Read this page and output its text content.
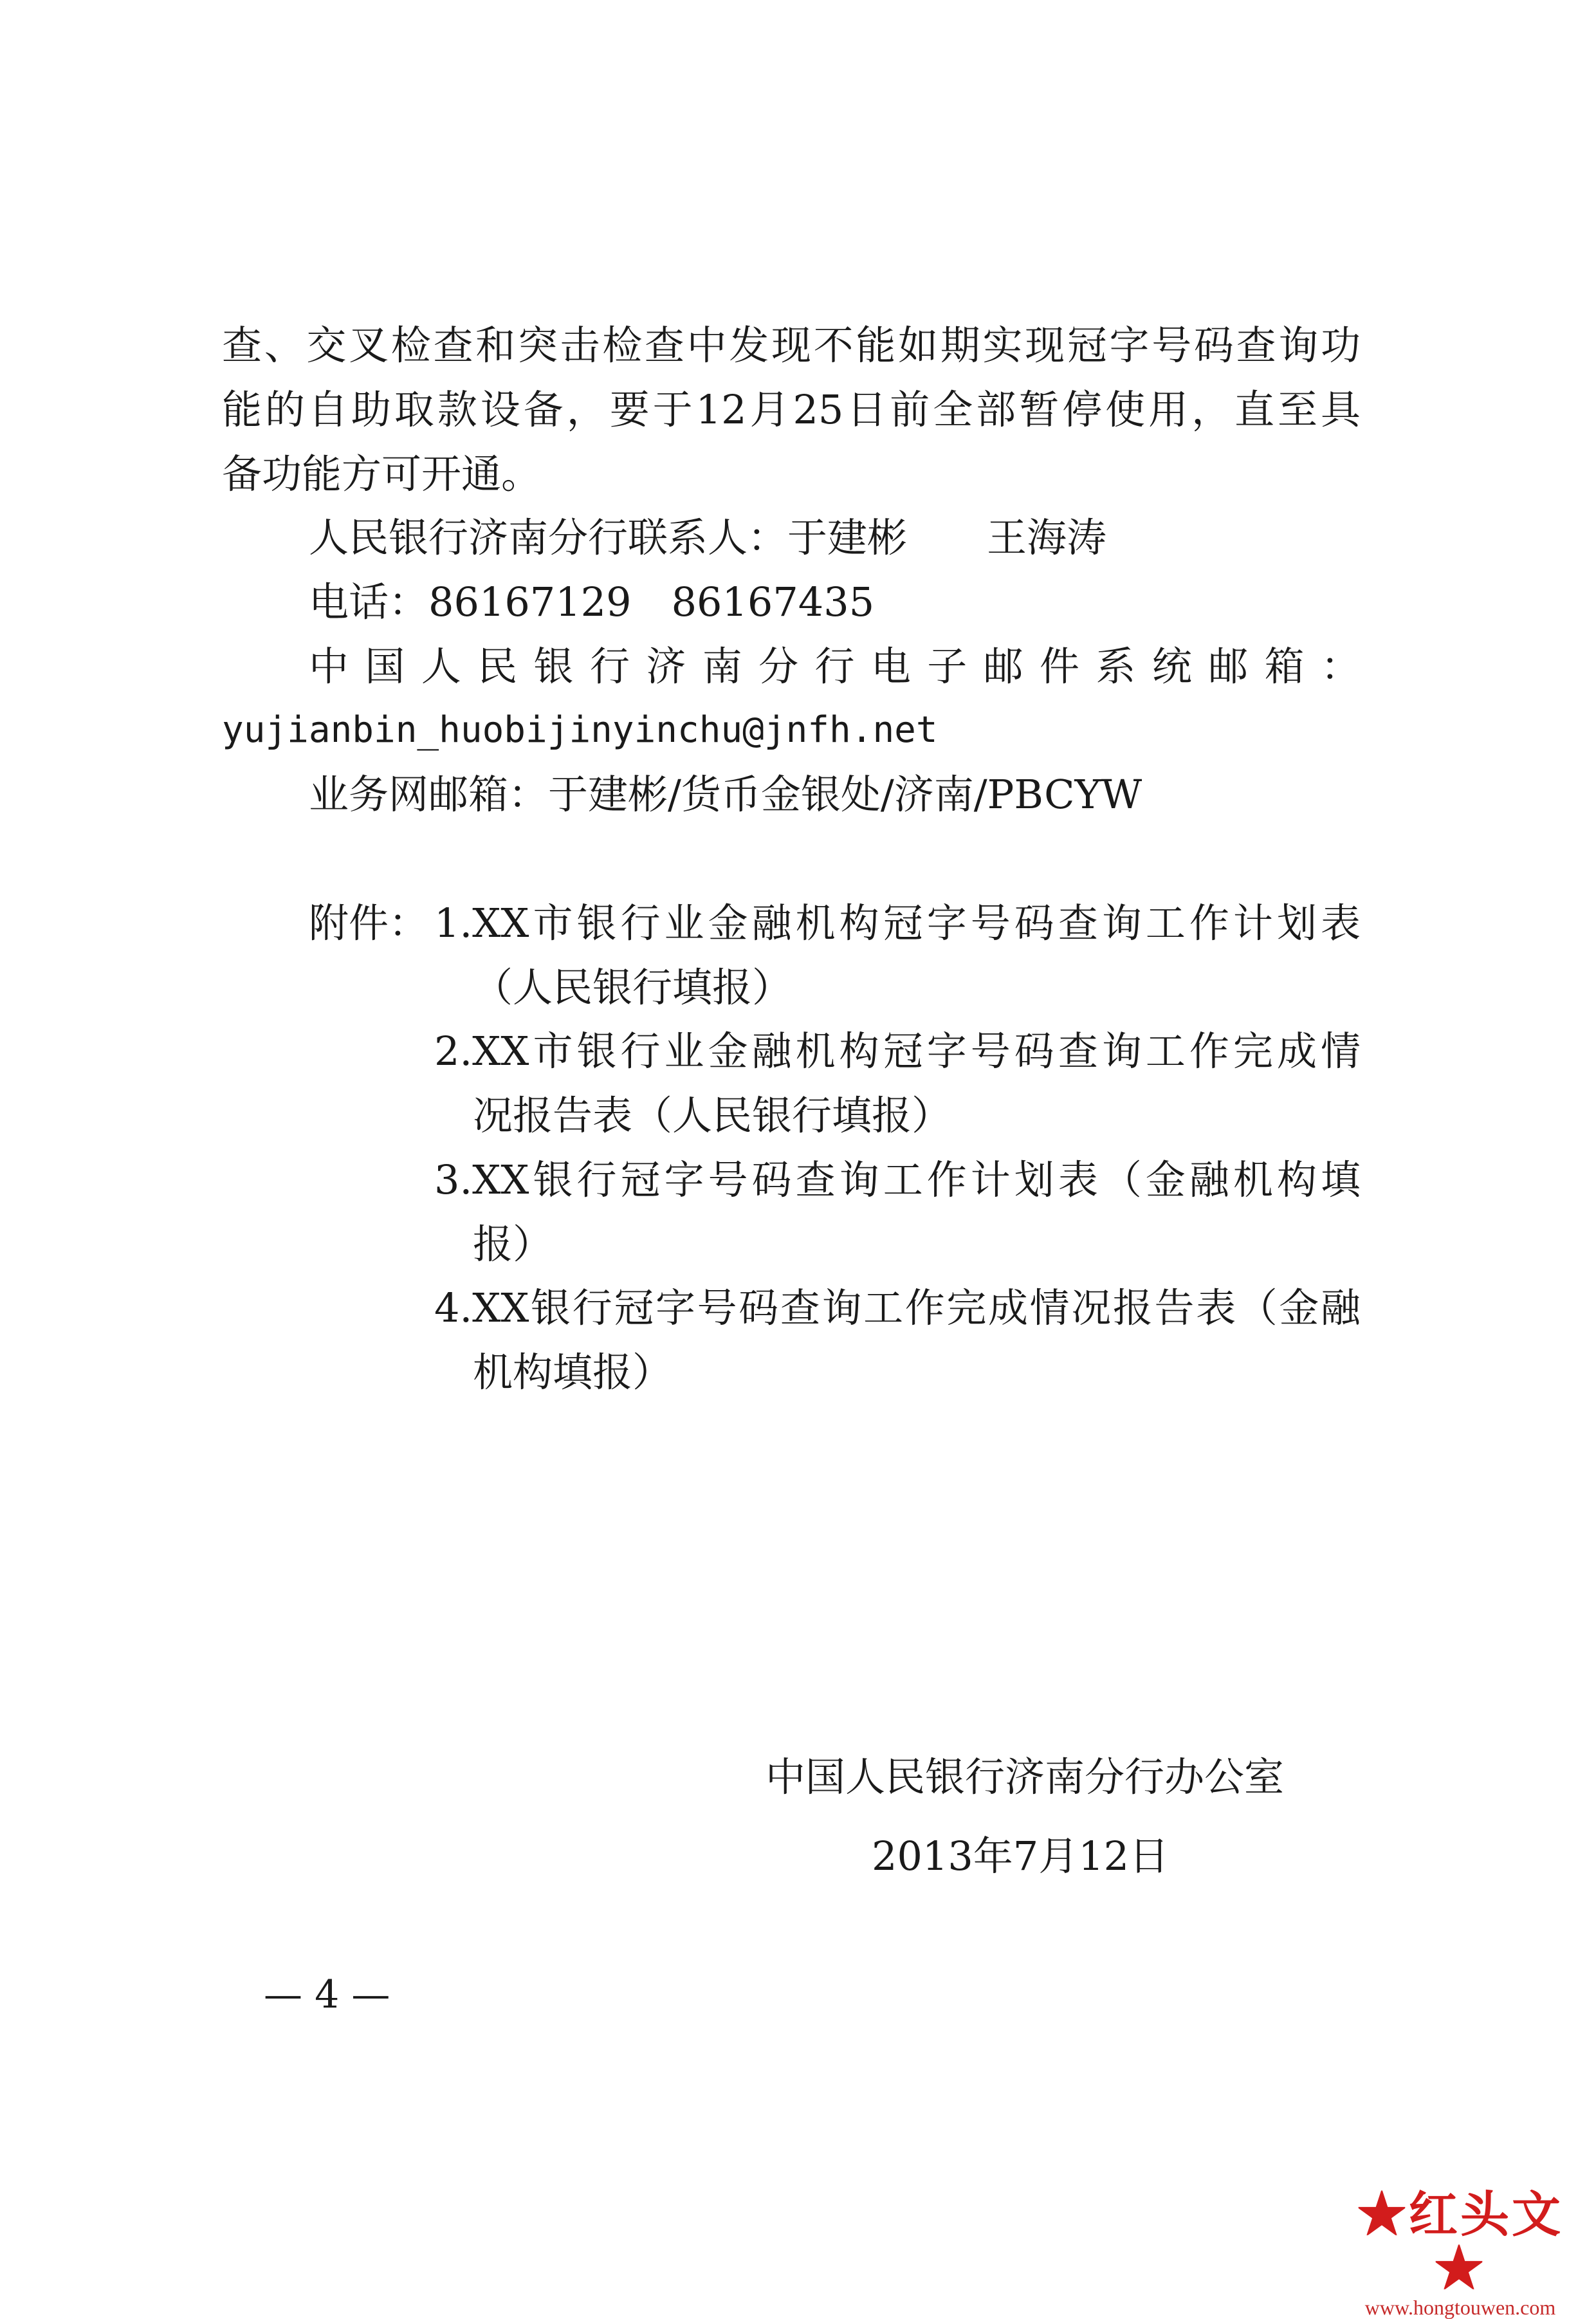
查、交叉检查和突击检查中发现不能如期实现冠字号码查询功
能的自助取款设备，要于12月25日前全部暂停使用，直至具
备功能方可开通。
人民银行济南分行联系人：于建彬　　王海涛
电话：86167129　86167435
中国人民银行济南分行电子邮件系统邮箱：
yujianbin_huobijinyinchu@jnfh.net
业务网邮箱：于建彬/货币金银处/济南/PBCYW
附件： 1.XX市银行业金融机构冠字号码查询工作计划表
（人民银行填报）
2.XX市银行业金融机构冠字号码查询工作完成情
况报告表（人民银行填报）
3.XX银行冠字号码查询工作计划表（金融机构填
报）
4.XX银行冠字号码查询工作完成情况报告表（金融
机构填报）
中国人民银行济南分行办公室
2013年7月12日
— 4 —
★红头文★
www.hongtouwen.com
